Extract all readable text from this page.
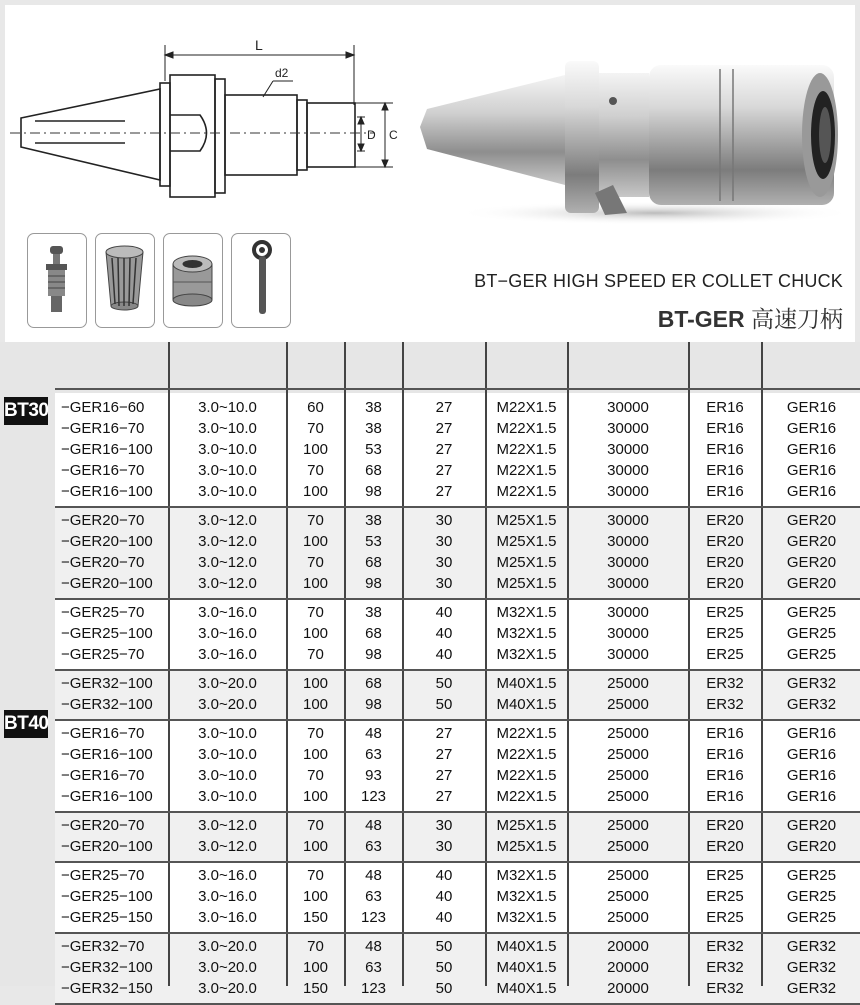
L
d2
D C
BT−GER HIGH SPEED ER COLLET CHUCK
BT-GER 高速刀柄
BT30
BT40
−GER16−60	3.0~10.0	60	38	27	M22X1.5	30000	ER16	GER16
−GER16−70	3.0~10.0	70	38	27	M22X1.5	30000	ER16	GER16
−GER16−100	3.0~10.0	100	53	27	M22X1.5	30000	ER16	GER16
−GER16−70	3.0~10.0	70	68	27	M22X1.5	30000	ER16	GER16
−GER16−100	3.0~10.0	100	98	27	M22X1.5	30000	ER16	GER16
−GER20−70	3.0~12.0	70	38	30	M25X1.5	30000	ER20	GER20
−GER20−100	3.0~12.0	100	53	30	M25X1.5	30000	ER20	GER20
−GER20−70	3.0~12.0	70	68	30	M25X1.5	30000	ER20	GER20
−GER20−100	3.0~12.0	100	98	30	M25X1.5	30000	ER20	GER20
−GER25−70	3.0~16.0	70	38	40	M32X1.5	30000	ER25	GER25
−GER25−100	3.0~16.0	100	68	40	M32X1.5	30000	ER25	GER25
−GER25−70	3.0~16.0	70	98	40	M32X1.5	30000	ER25	GER25
−GER32−100	3.0~20.0	100	68	50	M40X1.5	25000	ER32	GER32
−GER32−100	3.0~20.0	100	98	50	M40X1.5	25000	ER32	GER32
−GER16−70	3.0~10.0	70	48	27	M22X1.5	25000	ER16	GER16
−GER16−100	3.0~10.0	100	63	27	M22X1.5	25000	ER16	GER16
−GER16−70	3.0~10.0	70	93	27	M22X1.5	25000	ER16	GER16
−GER16−100	3.0~10.0	100	123	27	M22X1.5	25000	ER16	GER16
−GER20−70	3.0~12.0	70	48	30	M25X1.5	25000	ER20	GER20
−GER20−100	3.0~12.0	100	63	30	M25X1.5	25000	ER20	GER20
−GER25−70	3.0~16.0	70	48	40	M32X1.5	25000	ER25	GER25
−GER25−100	3.0~16.0	100	63	40	M32X1.5	25000	ER25	GER25
−GER25−150	3.0~16.0	150	123	40	M32X1.5	25000	ER25	GER25
−GER32−70	3.0~20.0	70	48	50	M40X1.5	20000	ER32	GER32
−GER32−100	3.0~20.0	100	63	50	M40X1.5	20000	ER32	GER32
−GER32−150	3.0~20.0	150	123	50	M40X1.5	20000	ER32	GER32
